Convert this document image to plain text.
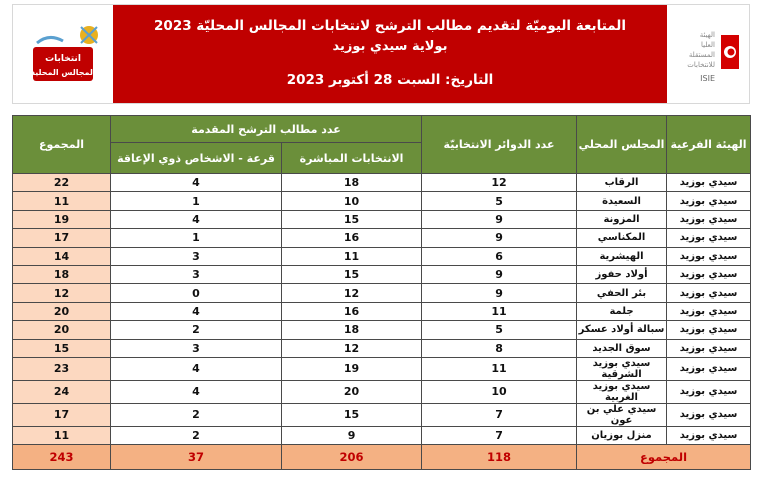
انتخابات
المجالس المحلية
المتابعة اليوميّة لتقديم مطالب الترشح لانتخابات المجالس المحليّة 2023
بولاية سيدي بوزيد
التاريخ: السبت 28 أكتوبر 2023
الهيئة
العليا
المستقلة
للانتخابات
ISIE
الهيئة الفرعية	المجلس المحلي	عدد الدوائر الانتخابيّة	عدد مطالب الترشح المقدمة		المجموع
			الانتخابات المباشرة	قرعة - الاشخاص ذوي الإعاقة	
سيدي بوزيد	الرقاب	12	18	4	22
سيدي بوزيد	السعيدة	5	10	1	11
سيدي بوزيد	المزونة	9	15	4	19
سيدي بوزيد	المكناسي	9	16	1	17
سيدي بوزيد	الهيشرية	6	11	3	14
سيدي بوزيد	أولاد حفوز	9	15	3	18
سيدي بوزيد	بئر الحفي	9	12	0	12
سيدي بوزيد	جلمة	11	16	4	20
سيدي بوزيد	سبالة أولاد عسكر	5	18	2	20
سيدي بوزيد	سوق الجديد	8	12	3	15
سيدي بوزيد	سيدي بوزيد الشرقية	11	19	4	23
سيدي بوزيد	سيدي بوزيد الغربية	10	20	4	24
سيدي بوزيد	سيدي علي بن عون	7	15	2	17
سيدي بوزيد	منزل بوزيان	7	9	2	11
المجموع		118	206	37	243
